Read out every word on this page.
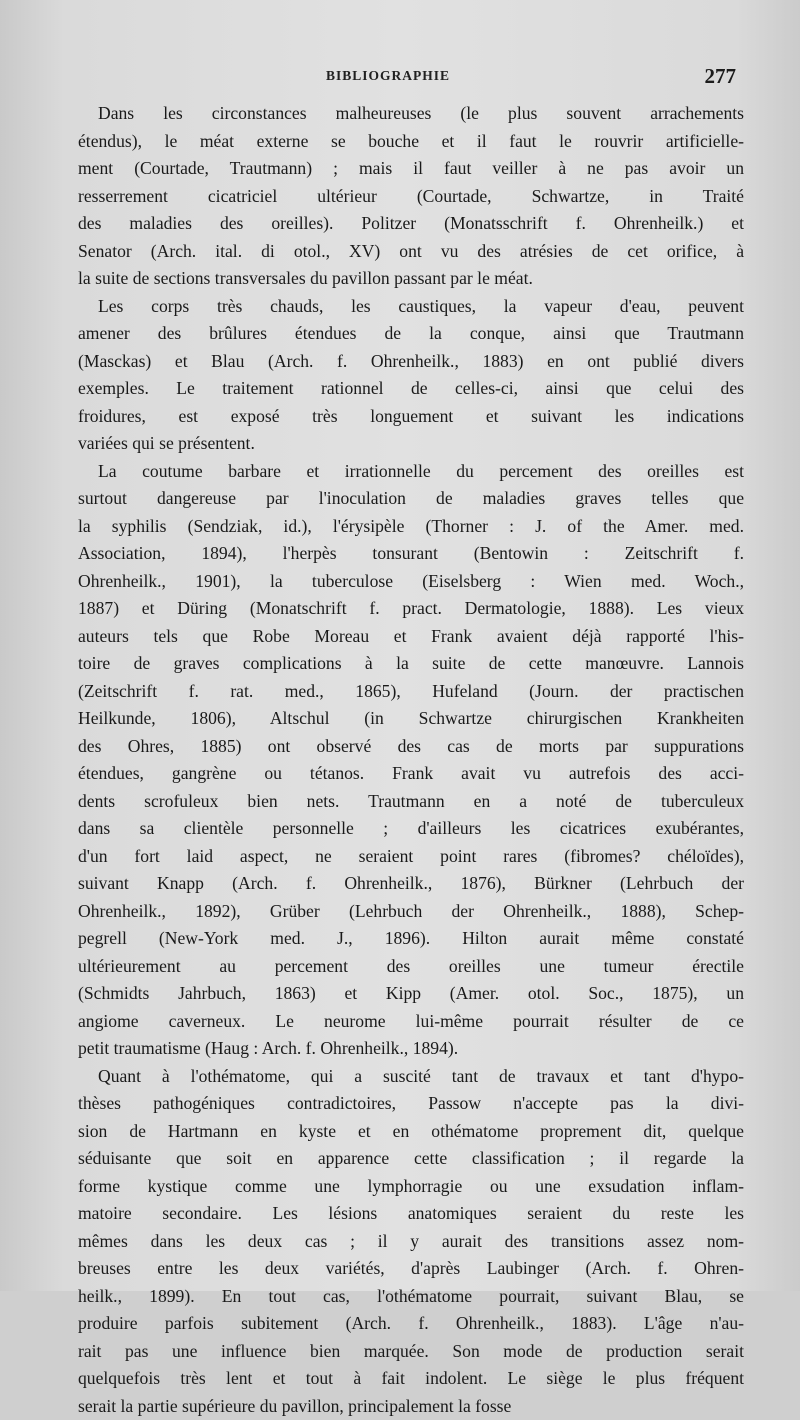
BIBLIOGRAPHIE	277
Dans les circonstances malheureuses (le plus souvent arrachements
étendus), le méat externe se bouche et il faut le rouvrir artificielle-
ment (Courtade, Trautmann) ; mais il faut veiller à ne pas avoir un
resserrement cicatriciel ultérieur (Courtade, Schwartze, in Traité
des maladies des oreilles). Politzer (Monatsschrift f. Ohrenheilk.) et
Senator (Arch. ital. di otol., XV) ont vu des atrésies de cet orifice, à
la suite de sections transversales du pavillon passant par le méat.
Les corps très chauds, les caustiques, la vapeur d'eau, peuvent
amener des brûlures étendues de la conque, ainsi que Trautmann
(Masckas) et Blau (Arch. f. Ohrenheilk., 1883) en ont publié divers
exemples. Le traitement rationnel de celles-ci, ainsi que celui des
froidures, est exposé très longuement et suivant les indications
variées qui se présentent.
La coutume barbare et irrationnelle du percement des oreilles est
surtout dangereuse par l'inoculation de maladies graves telles que
la syphilis (Sendziak, id.), l'érysipèle (Thorner : J. of the Amer. med.
Association, 1894), l'herpès tonsurant (Bentowin : Zeitschrift f.
Ohrenheilk., 1901), la tuberculose (Eiselsberg : Wien med. Woch.,
1887) et Düring (Monatschrift f. pract. Dermatologie, 1888). Les vieux
auteurs tels que Robe Moreau et Frank avaient déjà rapporté l'his-
toire de graves complications à la suite de cette manœuvre. Lannois
(Zeitschrift f. rat. med., 1865), Hufeland (Journ. der practischen
Heilkunde, 1806), Altschul (in Schwartze chirurgischen Krankheiten
des Ohres, 1885) ont observé des cas de morts par suppurations
étendues, gangrène ou tétanos. Frank avait vu autrefois des acci-
dents scrofuleux bien nets. Trautmann en a noté de tuberculeux
dans sa clientèle personnelle ; d'ailleurs les cicatrices exubérantes,
d'un fort laid aspect, ne seraient point rares (fibromes? chéloïdes),
suivant Knapp (Arch. f. Ohrenheilk., 1876), Bürkner (Lehrbuch der
Ohrenheilk., 1892), Grüber (Lehrbuch der Ohrenheilk., 1888), Schep-
pegrell (New-York med. J., 1896). Hilton aurait même constaté
ultérieurement au percement des oreilles une tumeur érectile
(Schmidts Jahrbuch, 1863) et Kipp (Amer. otol. Soc., 1875), un
angiome caverneux. Le neurome lui-même pourrait résulter de ce
petit traumatisme (Haug : Arch. f. Ohrenheilk., 1894).
Quant à l'othématome, qui a suscité tant de travaux et tant d'hypo-
thèses pathogéniques contradictoires, Passow n'accepte pas la divi-
sion de Hartmann en kyste et en othématome proprement dit, quelque
séduisante que soit en apparence cette classification ; il regarde la
forme kystique comme une lymphorragie ou une exsudation inflam-
matoire secondaire. Les lésions anatomiques seraient du reste les
mêmes dans les deux cas ; il y aurait des transitions assez nom-
breuses entre les deux variétés, d'après Laubinger (Arch. f. Ohren-
heilk., 1899). En tout cas, l'othématome pourrait, suivant Blau, se
produire parfois subitement (Arch. f. Ohrenheilk., 1883). L'âge n'au-
rait pas une influence bien marquée. Son mode de production serait
quelquefois très lent et tout à fait indolent. Le siège le plus fréquent
serait la partie supérieure du pavillon, principalement la fosse
